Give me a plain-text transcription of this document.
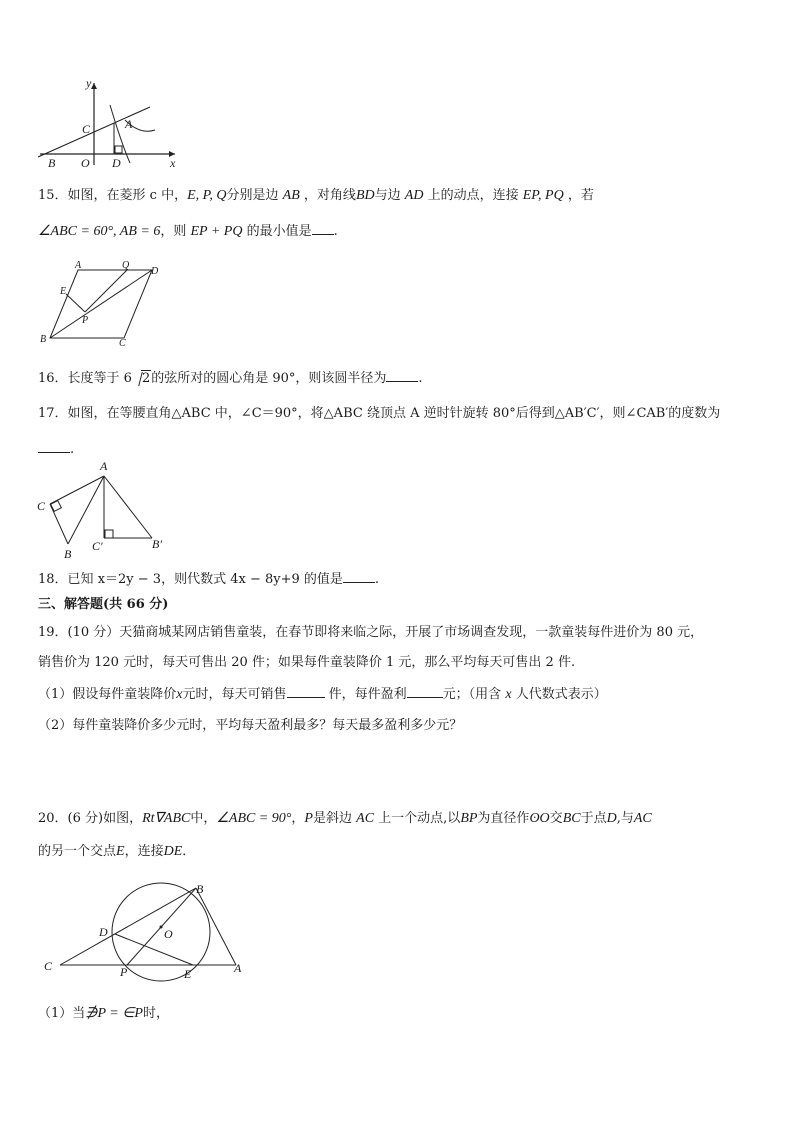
y
x
C	A
B O D
15．如图，在菱形 c 中，E, P, Q分别是边 AB ，对角线BD与边 AD 上的动点，连接 EP, PQ ，若
∠ABC = 60°, AB = 6，则 EP + PQ 的最小值是 .
A	Q
D
E
P
B	C
16．长度等于 6 2的弦所对的圆心角是 90°，则该圆半径为 .
17．如图，在等腰直角△ABC 中，∠C＝90°，将△ABC 绕顶点 A 逆时针旋转 80°后得到△AB′C′，则∠CAB′的度数为
.
A
C
B
C′	B′
18．已知 x＝2y − 3，则代数式 4x − 8y+9 的值是 .
三、解答题(共 66 分)
19．(10 分）天猫商城某网店销售童装，在春节即将来临之际，开展了市场调查发现，一款童装每件进价为 80 元，
销售价为 120 元时，每天可售出 20 件；如果每件童装降价 1 元，那么平均每天可售出 2 件.
（1）假设每件童装降价x元时，每天可销售	件，每件盈利	元；（用含 x 人代数式表示）
（2）每件童装降价多少元时，平均每天盈利最多？每天最多盈利多少元？
20．(6 分)如图，Rt∇ABC中，∠ABC = 90°，P是斜边 AC 上一个动点,以BP为直径作ʘO交BC于点D,与AC
的另一个交点E，连接DE．
B
D	O
C	P	E	A
（1）当∌P = ∈P时，
